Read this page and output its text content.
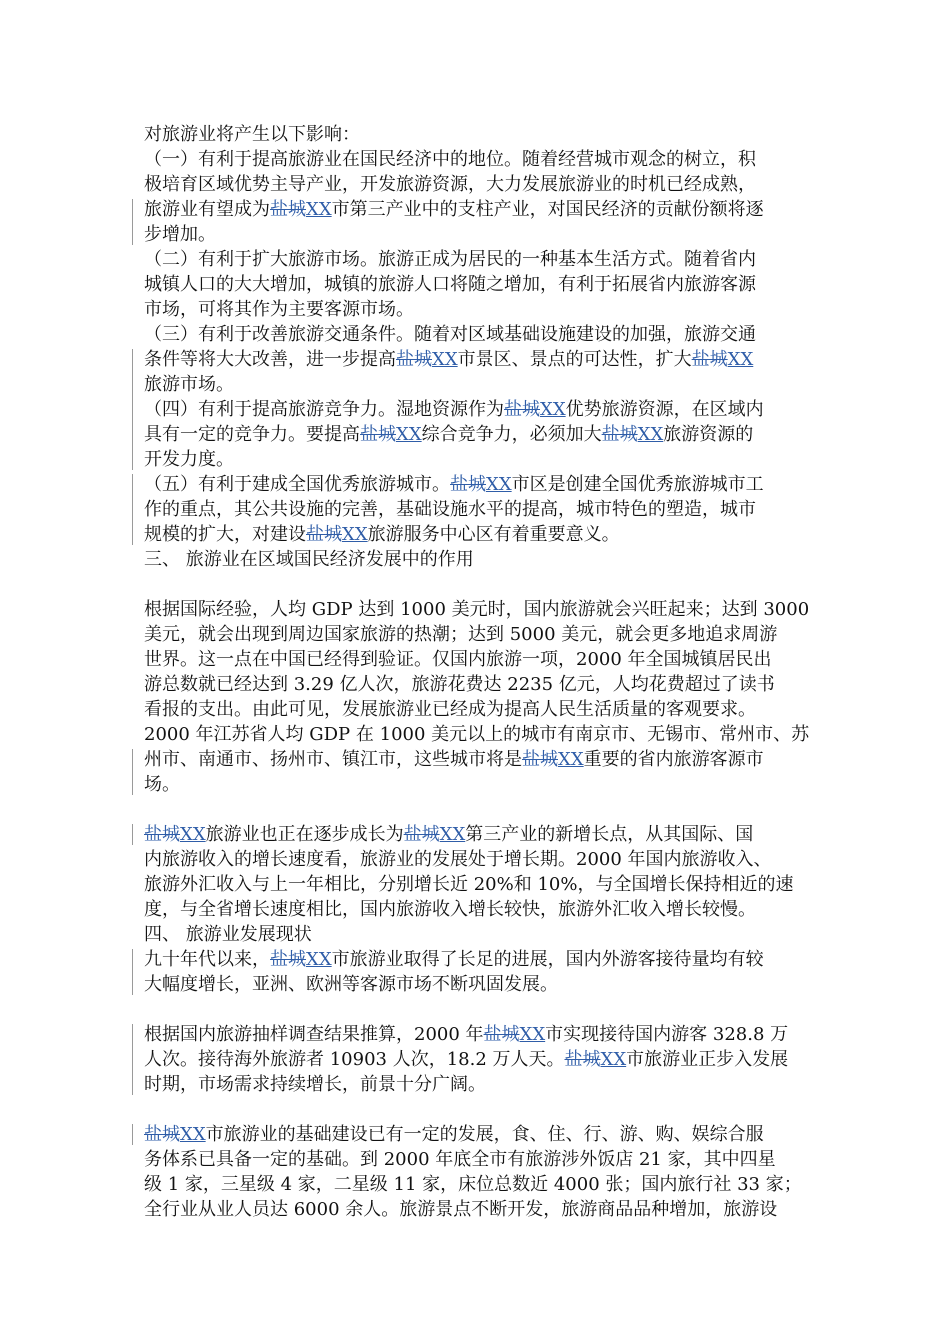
对旅游业将产生以下影响：
（一）有利于提高旅游业在国民经济中的地位。随着经营城市观念的树立，积
极培育区域优势主导产业，开发旅游资源，大力发展旅游业的时机已经成熟，
旅游业有望成为盐城XX市第三产业中的支柱产业，对国民经济的贡献份额将逐
步增加。
（二）有利于扩大旅游市场。旅游正成为居民的一种基本生活方式。随着省内
城镇人口的大大增加，城镇的旅游人口将随之增加，有利于拓展省内旅游客源
市场，可将其作为主要客源市场。
（三）有利于改善旅游交通条件。随着对区域基础设施建设的加强，旅游交通
条件等将大大改善，进一步提高盐城XX市景区、景点的可达性，扩大盐城XX
旅游市场。
（四）有利于提高旅游竞争力。湿地资源作为盐城XX优势旅游资源，在区域内
具有一定的竞争力。要提高盐城XX综合竞争力，必须加大盐城XX旅游资源的
开发力度。
（五）有利于建成全国优秀旅游城市。盐城XX市区是创建全国优秀旅游城市工
作的重点，其公共设施的完善，基础设施水平的提高，城市特色的塑造，城市
规模的扩大，对建设盐城XX旅游服务中心区有着重要意义。
三、 旅游业在区域国民经济发展中的作用
根据国际经验，人均 GDP 达到 1000 美元时，国内旅游就会兴旺起来；达到 3000
美元，就会出现到周边国家旅游的热潮；达到 5000 美元，就会更多地追求周游
世界。这一点在中国已经得到验证。仅国内旅游一项，2000 年全国城镇居民出
游总数就已经达到 3.29 亿人次，旅游花费达 2235 亿元，人均花费超过了读书
看报的支出。由此可见，发展旅游业已经成为提高人民生活质量的客观要求。
2000 年江苏省人均 GDP 在 1000 美元以上的城市有南京市、无锡市、常州市、苏
州市、南通市、扬州市、镇江市，这些城市将是盐城XX重要的省内旅游客源市
场。
盐城XX旅游业也正在逐步成长为盐城XX第三产业的新增长点，从其国际、国
内旅游收入的增长速度看，旅游业的发展处于增长期。2000 年国内旅游收入、
旅游外汇收入与上一年相比，分别增长近 20%和 10%，与全国增长保持相近的速
度，与全省增长速度相比，国内旅游收入增长较快，旅游外汇收入增长较慢。
四、 旅游业发展现状
九十年代以来，盐城XX市旅游业取得了长足的进展，国内外游客接待量均有较
大幅度增长，亚洲、欧洲等客源市场不断巩固发展。
根据国内旅游抽样调查结果推算，2000 年盐城XX市实现接待国内游客 328.8 万
人次。接待海外旅游者 10903 人次，18.2 万人天。盐城XX市旅游业正步入发展
时期，市场需求持续增长，前景十分广阔。
盐城XX市旅游业的基础建设已有一定的发展，食、住、行、游、购、娱综合服
务体系已具备一定的基础。到 2000 年底全市有旅游涉外饭店 21 家，其中四星
级 1 家，三星级 4 家，二星级 11 家，床位总数近 4000 张；国内旅行社 33 家；
全行业从业人员达 6000 余人。旅游景点不断开发，旅游商品品种增加，旅游设
